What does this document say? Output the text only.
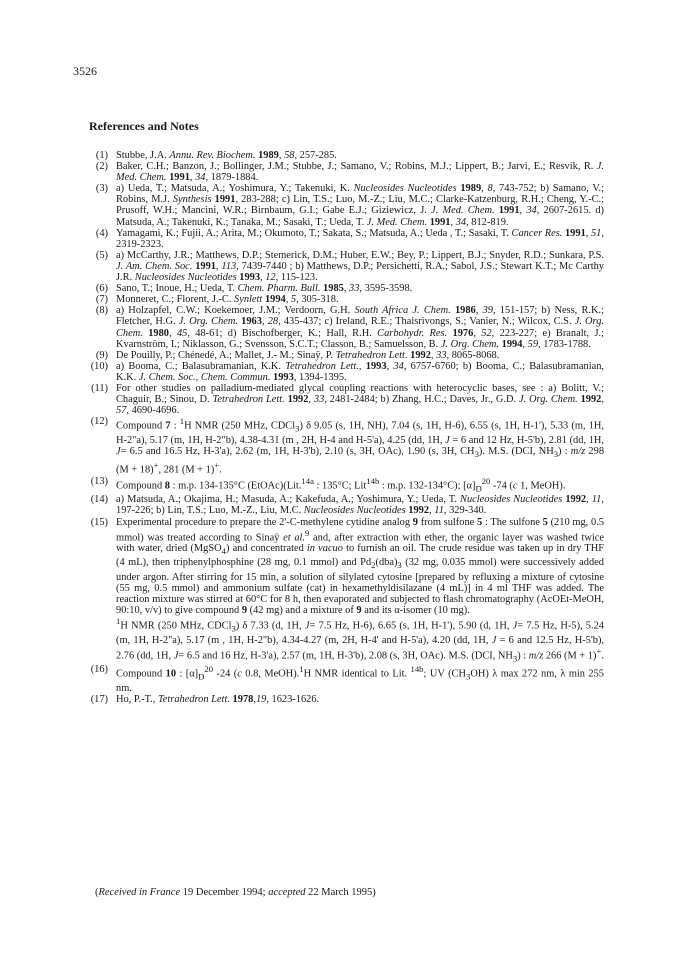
3526
References and Notes
(1) Stubbe, J.A. Annu. Rev. Biochem. 1989, 58, 257-285.

(2) Baker, C.H.; Banzon, J.; Bollinger, J.M.; Stubbe, J.; Samano, V.; Robins, M.J.; Lippert, B.; Jarvi, E.; Resvik, R. J. Med. Chem. 1991, 34, 1879-1884.

(3) a) Ueda, T.; Matsuda, A.; Yoshimura, Y.; Takenuki, K. Nucleosides Nucleotides 1989, 8, 743-752; b) Samano, V.; Robins, M.J. Synthesis 1991, 283-288; c) Lin, T.S.; Luo, M.-Z.; Liu, M.C.; Clarke-Katzenburg, R.H.; Cheng, Y.-C.; Prusoff, W.H.; Mancini, W.R.; Birnbaum, G.I.; Gabe E.J.; Giziewicz, J. J. Med. Chem. 1991, 34, 2607-2615. d) Matsuda, A.; Takenuki, K.; Tanaka, M.; Sasaki, T.; Ueda, T. J. Med. Chem. 1991, 34, 812-819.

(4) Yamagami, K.; Fujii, A.; Arita, M.; Okumoto, T.; Sakata, S.; Matsuda, A.; Ueda , T.; Sasaki, T. Cancer Res. 1991, 51, 2319-2323.

(5) a) McCarthy, J.R.; Matthews, D.P.; Stemerick, D.M.; Huber, E.W.; Bey, P.; Lippert, B.J.; Snyder, R.D.; Sunkara, P.S. J. Am. Chem. Soc. 1991, 113, 7439-7440 ; b) Matthews, D.P.; Persichetti, R.A.; Sabol, J.S.; Stewart K.T.; Mc Carthy J.R. Nucleosides Nucleotides 1993, 12, 115-123.

(6) Sano, T.; Inoue, H.; Ueda, T. Chem. Pharm. Bull. 1985, 33, 3595-3598.

(7) Monneret, C.; Florent, J.-C. Synlett 1994, 5, 305-318.

(8) a) Holzapfel, C.W.; Koekemoer, J.M.; Verdoorn, G.H. South Africa J. Chem. 1986, 39, 151-157; b) Ness, R.K.; Fletcher, H.G. J. Org. Chem. 1963, 28, 435-437; c) Ireland, R.E.; Thaisrivongs, S.; Vanier, N.; Wilcox, C.S. J. Org. Chem. 1980, 45, 48-61; d) Bischofberger, K.; Hall, R.H. Carbohydr. Res. 1976, 52, 223-227; e) Branalt, J.; Kvarnström, I.; Niklasson, G.; Svensson, S.C.T.; Classon, B.; Samuelsson, B. J. Org. Chem. 1994, 59, 1783-1788.

(9) De Pouilly, P.; Chénedé, A.; Mallet, J.- M.; Sinaÿ, P. Tetrahedron Lett. 1992, 33, 8065-8068.

(10) a) Booma, C.; Balasubramanian, K.K. Tetrahedron Lett., 1993, 34, 6757-6760; b) Booma, C.; Balasubramanian, K.K. J. Chem. Soc., Chem. Commun. 1993, 1394-1395.

(11) For other studies on palladium-mediated glycal coupling reactions with heterocyclic bases, see : a) Bolitt, V.; Chaguir, B.; Sinou, D. Tetrahedron Lett. 1992, 33, 2481-2484; b) Zhang, H.C.; Daves, Jr., G.D. J. Org. Chem. 1992, 57, 4690-4696.

(12) Compound 7 : $^1$H NMR (250 MHz, CDCl$_3$) δ 9.05 (s, 1H, NH), 7.04 (s, 1H, H-6), 6.55 (s, 1H, H-1'), 5.33 (m, 1H, H-2"a), 5.17 (m, 1H, H-2"b), 4.38-4.31 (m , 2H, H-4 and H-5'a), 4.25 (dd, 1H, J = 6 and 12 Hz, H-5'b), 2.81 (dd, 1H, J= 6.5 and 16.5 Hz, H-3'a), 2.62 (m, 1H, H-3'b), 2.10 (s, 3H, OAc), 1.90 (s, 3H, $CH_3$). M.S. (DCI, $NH_3$) : m/z 298 (M + 18)+, 281 (M + 1)+.

(13) Compound 8 : m.p. 134-135°C (EtOAc)(Lit.$^{14a}$ : 135°C; Lit$^{14b}$ : m.p. 132-134°C); $[\alpha]_D^{20}$ -74 (c 1, MeOH).

(14) a) Matsuda, A.; Okajima, H.; Masuda, A.; Kakefuda, A.; Yoshimura, Y.; Ueda, T. Nucleosides Nucleotides 1992, 11, 197-226; b) Lin, T.S.; Luo, M.-Z., Liu, M.C. Nucleosides Nucleotides 1992, 11, 329-340.

(15) Experimental procedure to prepare the 2'-C-methylene cytidine analog 9 from sulfone 5 : The sulfone 5 (210 mg, 0.5 mmol) was treated according to Sinaÿ et al.$^9$ and, after extraction with ether, the organic layer was washed twice with water, dried (MgSO$_4$) and concentrated in vacuo to furnish an oil. The crude residue was taken up in dry THF (4 mL), then triphenylphosphine (28 mg, 0.1 mmol) and $Pd_2(dba)_3$ (32 mg, 0.035 mmol) were successively added under argon. After stirring for 15 min, a solution of silylated cytosine [prepared by refluxing a mixture of cytosine (55 mg, 0.5 mmol) and ammonium sulfate (cat) in hexamethyldisilazane (4 mL)] in 4 ml THF was added. The reaction mixture was stirred at 60°C for 8 h, then evaporated and subjected to flash chromatography (AcOEt-MeOH, 90:10, v/v) to give compound 9 (42 mg) and a mixture of 9 and its α-isomer (10 mg).

$^1$H NMR (250 MHz, CDCl$_3$) δ 7.33 (d, 1H, J= 7.5 Hz, H-6), 6.65 (s, 1H, H-1'), 5.90 (d, 1H, J= 7.5 Hz, H-5), 5.24 (m, 1H, H-2"a), 5.17 (m , 1H, H-2"b), 4.34-4.27 (m, 2H, H-4' and H-5'a), 4.20 (dd, 1H, J = 6 and 12.5 Hz, H-5'b), 2.76 (dd, 1H, J= 6.5 and 16 Hz, H-3'a), 2.57 (m, 1H, H-3'b), 2.08 (s, 3H, OAc). M.S. (DCI, $NH_3$) : m/z 266 (M + 1)+.

(16) Compound 10 : $[\alpha]_D^{20}$ -24 (c 0.8, MeOH).$^1$H NMR identical to Lit. $^{14b}$; UV $(CH_3OH)$ λ max 272 nm, λ min 255 nm.

(17) Ho, P.-T., Tetrahedron Lett. 1978,19, 1623-1626.

(Received in France 19 December 1994; accepted 22 March 1995)
